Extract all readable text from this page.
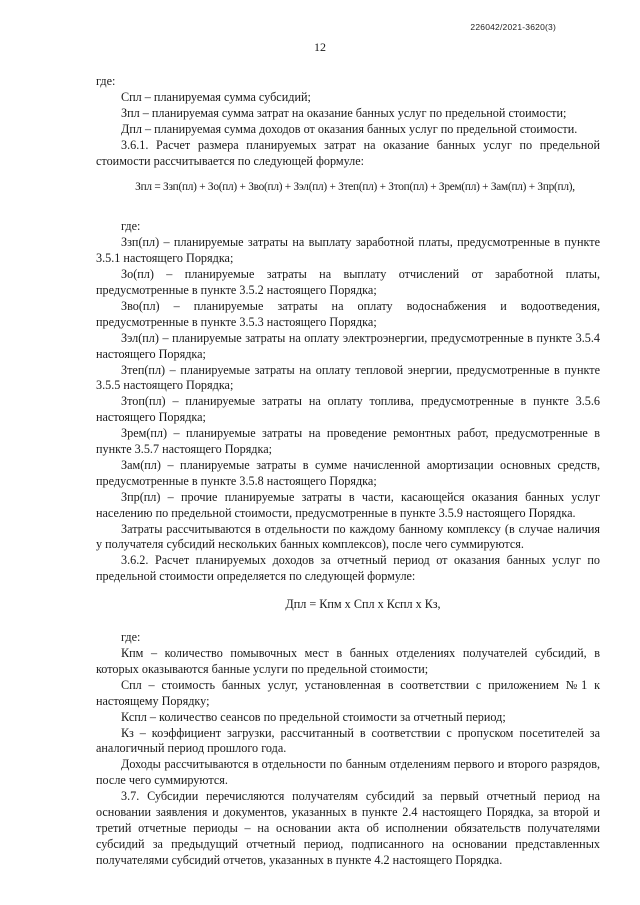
226042/2021-3620(3)
12

где:

Спл – планируемая сумма субсидий;

Зпл – планируемая сумма затрат на оказание банных услуг по предельной стоимости;

Дпл – планируемая сумма доходов от оказания банных услуг по предельной стоимости.

3.6.1. Расчет размера планируемых затрат на оказание банных услуг по предельной стоимости рассчитывается по следующей формуле:

Зпл = Ззп(пл) + Зо(пл) + Зво(пл) + Зэл(пл) + Зтеп(пл) + Зтоп(пл) + Зрем(пл) + Зам(пл) + Зпр(пл),

где:

Ззп(пл) – планируемые затраты на выплату заработной платы, предусмотренные в пункте 3.5.1 настоящего Порядка;

Зо(пл) – планируемые затраты на выплату отчислений от заработной платы, предусмотренные в пункте 3.5.2 настоящего Порядка;

Зво(пл) – планируемые затраты на оплату водоснабжения и водоотведения, предусмотренные в пункте 3.5.3 настоящего Порядка;

Зэл(пл) – планируемые затраты на оплату электроэнергии, предусмотренные в пункте 3.5.4 настоящего Порядка;

Зтеп(пл) – планируемые затраты на оплату тепловой энергии, предусмотренные в пункте 3.5.5 настоящего Порядка;

Зтоп(пл) – планируемые затраты на оплату топлива, предусмотренные в пункте 3.5.6 настоящего Порядка;

Зрем(пл) – планируемые затраты на проведение ремонтных работ, предусмотренные в пункте 3.5.7 настоящего Порядка;

Зам(пл) – планируемые затраты в сумме начисленной амортизации основных средств, предусмотренные в пункте 3.5.8 настоящего Порядка;

Зпр(пл) – прочие планируемые затраты в части, касающейся оказания банных услуг населению по предельной стоимости, предусмотренные в пункте 3.5.9 настоящего Порядка.

Затраты рассчитываются в отдельности по каждому банному комплексу (в случае наличия у получателя субсидий нескольких банных комплексов), после чего суммируются.

3.6.2. Расчет планируемых доходов за отчетный период от оказания банных услуг по предельной стоимости определяется по следующей формуле:

Дпл = Кпм х Спл х Кспл х Кз,

где:

Кпм – количество помывочных мест в банных отделениях получателей субсидий, в которых оказываются банные услуги по предельной стоимости;

Спл – стоимость банных услуг, установленная в соответствии с приложением №1 к настоящему Порядку;

Кспл – количество сеансов по предельной стоимости за отчетный период;

Кз – коэффициент загрузки, рассчитанный в соответствии с пропуском посетителей за аналогичный период прошлого года.

Доходы рассчитываются в отдельности по банным отделениям первого и второго разрядов, после чего суммируются.

3.7. Субсидии перечисляются получателям субсидий за первый отчетный период на основании заявления и документов, указанных в пункте 2.4 настоящего Порядка, за второй и третий отчетные периоды – на основании акта об исполнении обязательств получателями субсидий за предыдущий отчетный период, подписанного на основании представленных получателями субсидий отчетов, указанных в пункте 4.2 настоящего Порядка.
